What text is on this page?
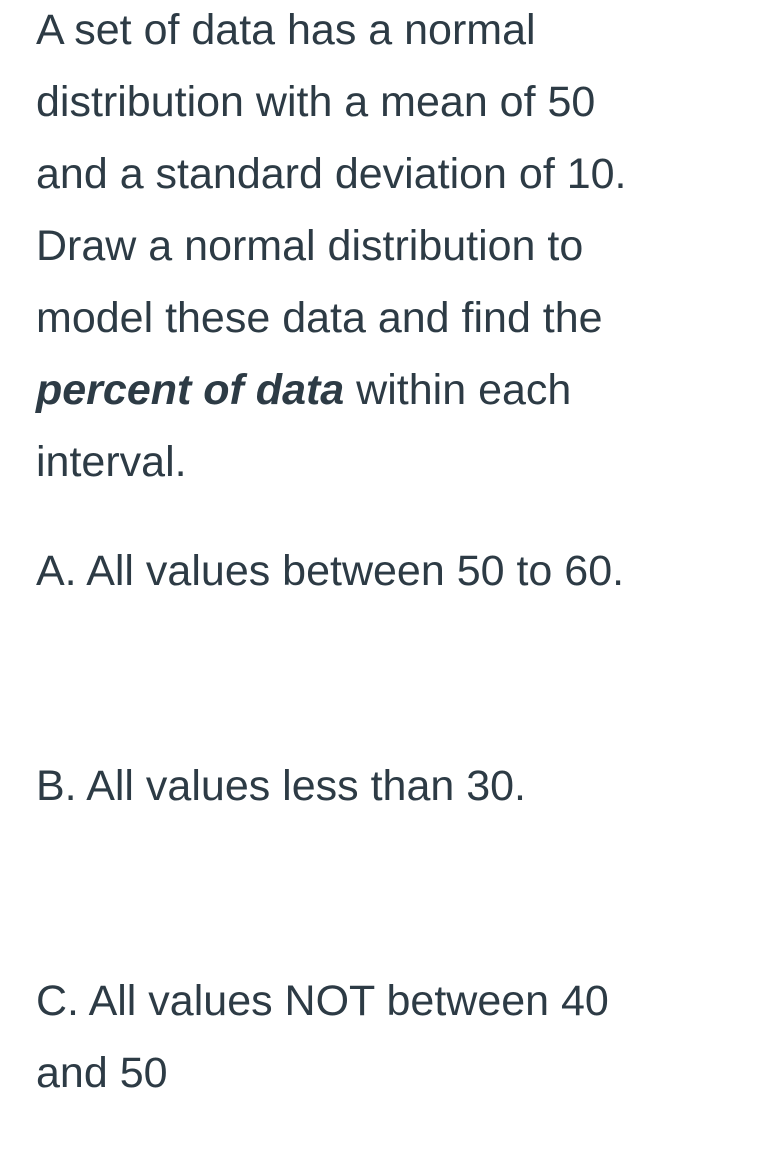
A set of data has a normal
distribution with a mean of 50
and a standard deviation of 10.
Draw a normal distribution to
model these data and find the
percent of data within each
interval.
A. All values between 50 to 60.
B. All values less than 30.
C. All values NOT between 40
and 50
